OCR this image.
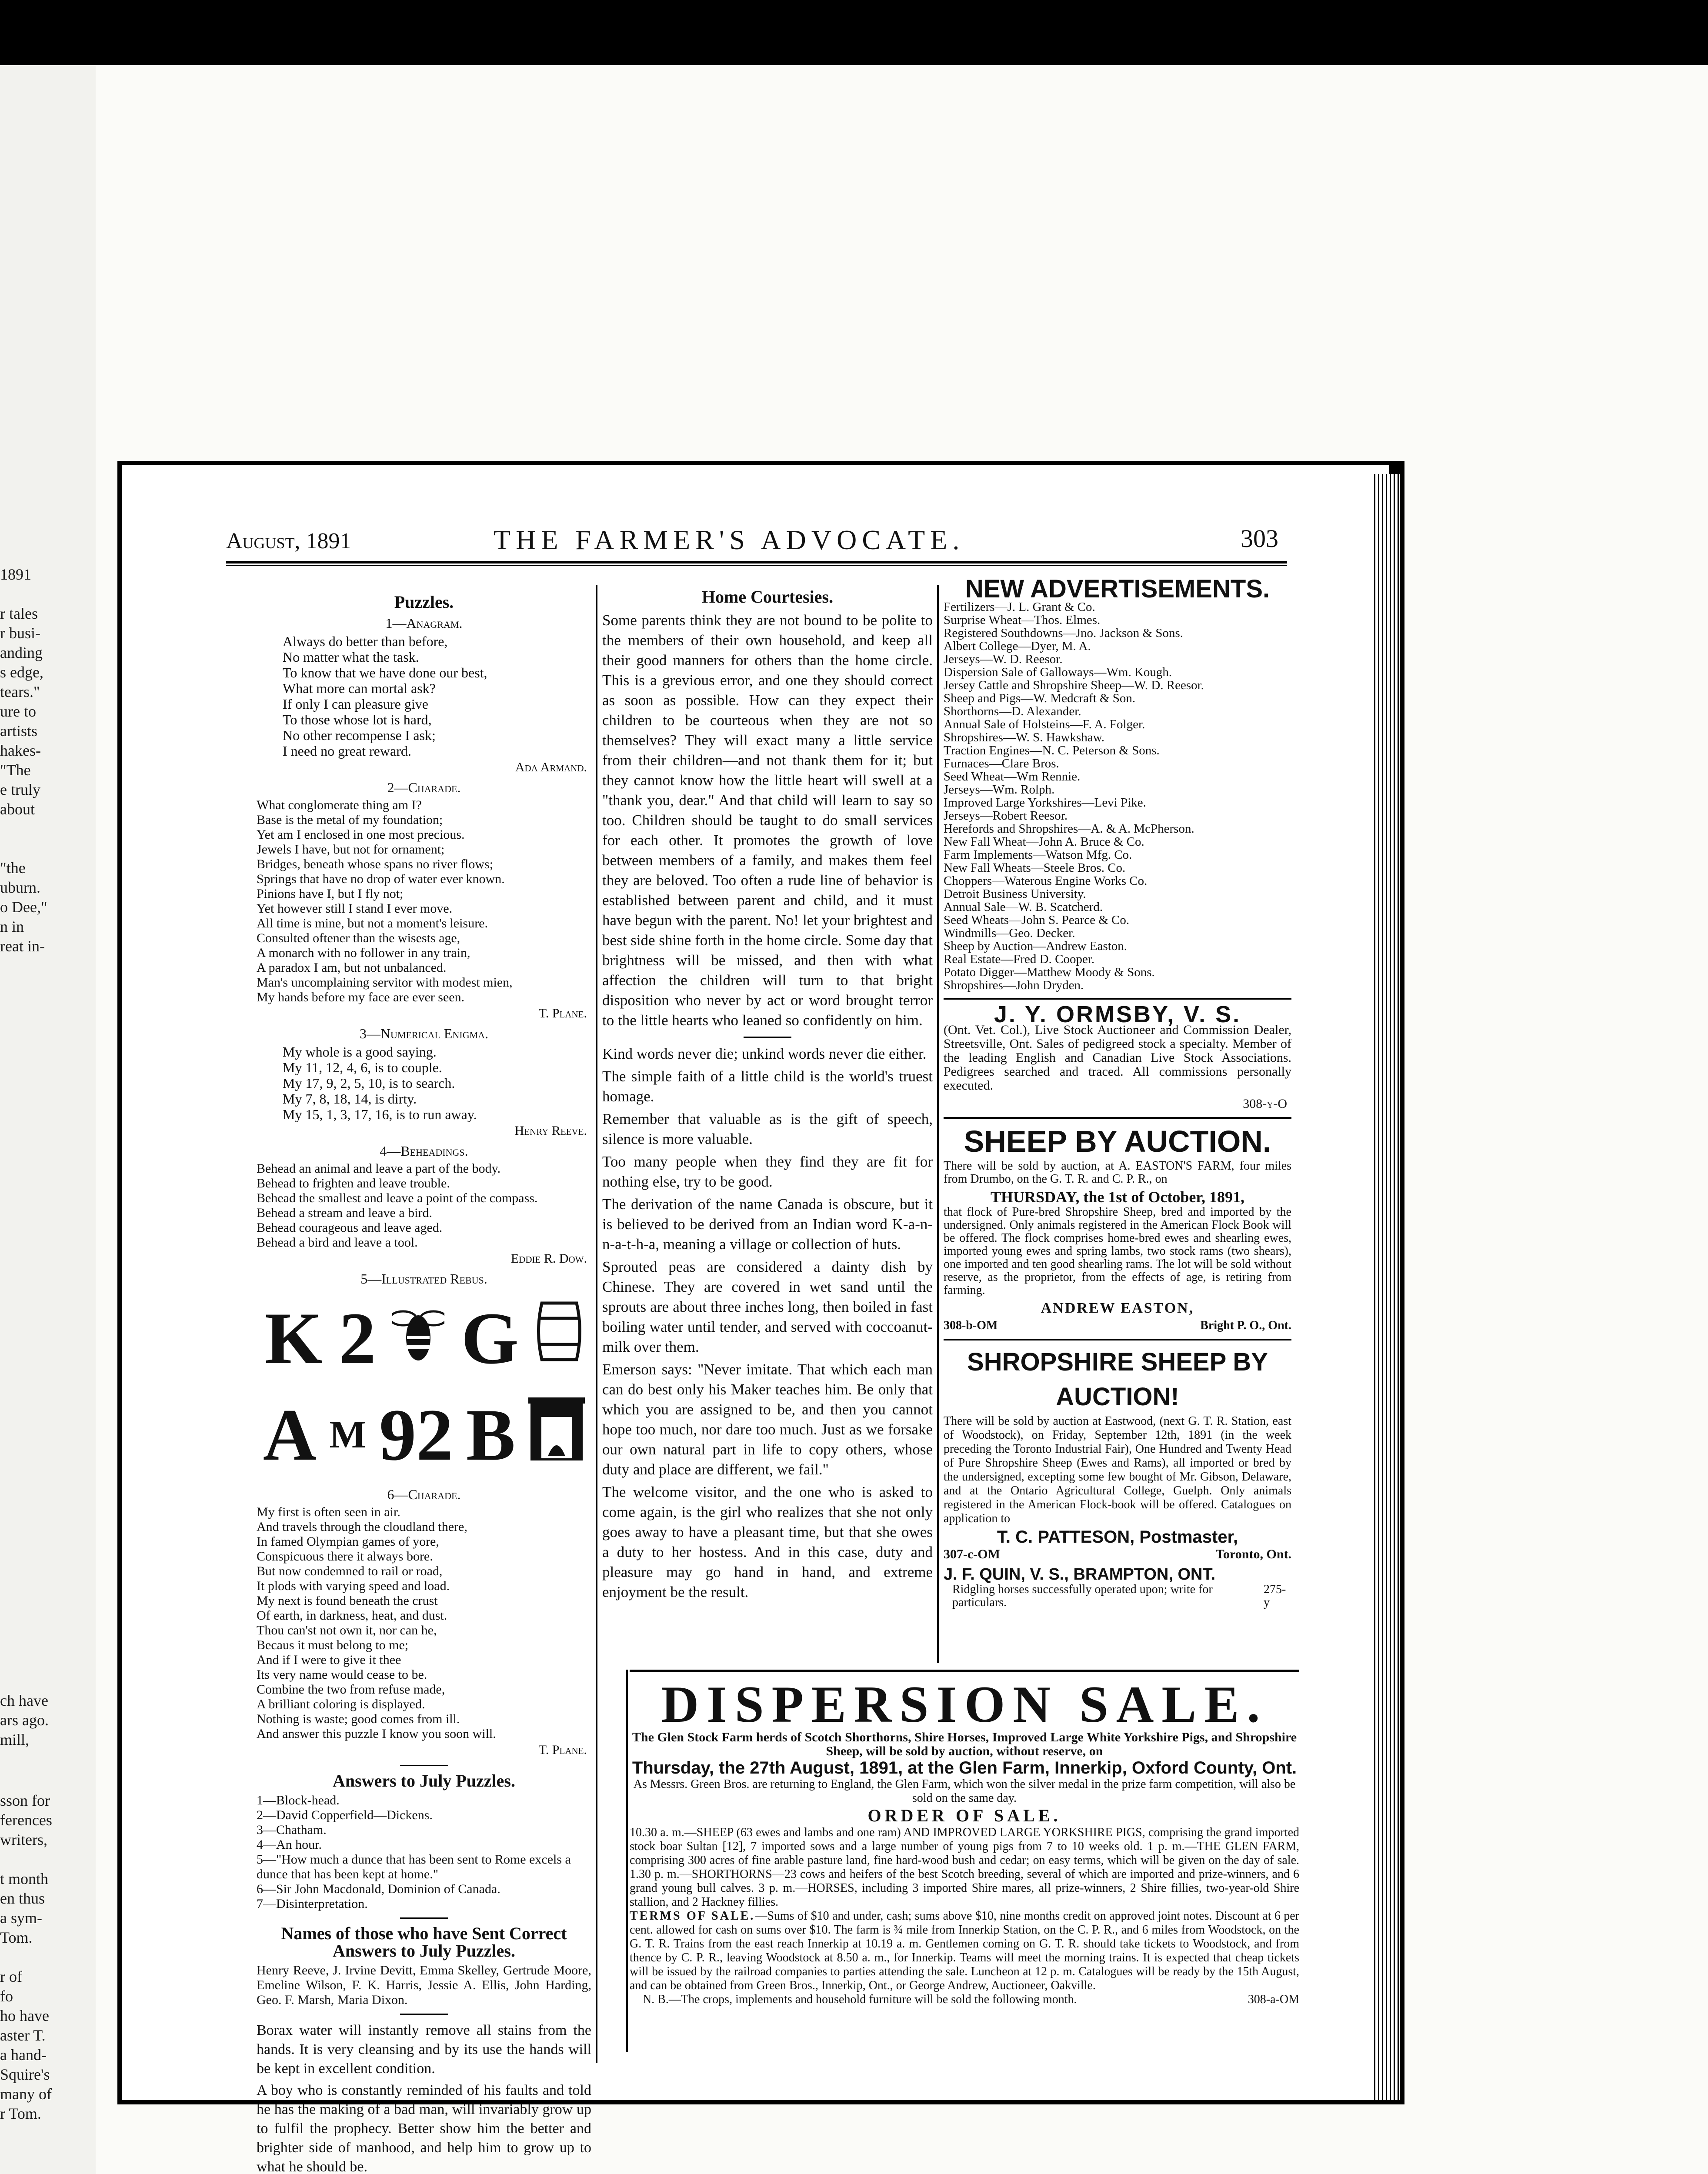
1891
r tales
r busi-
anding
s edge,
tears."
ure to
artists
hakes-
"The
e truly
about
"the
uburn.
o Dee,"
n in
reat in-
ch have
ars ago.
mill,
sson for
ferences
writers,
t month
en thus
a sym-
Tom.
r of
fo
ho have
aster T.
a hand-
Squire's
many of
r Tom.
August, 1891	THE FARMER'S ADVOCATE.	303
Puzzles.
1—Anagram.
Always do better than before,
No matter what the task.
To know that we have done our best,
What more can mortal ask?
If only I can pleasure give
To those whose lot is hard,
No other recompense I ask;
I need no great reward.
Ada Armand.
2—Charade.
What conglomerate thing am I?
Base is the metal of my foundation;
Yet am I enclosed in one most precious.
Jewels I have, but not for ornament;
Bridges, beneath whose spans no river flows;
Springs that have no drop of water ever known.
Pinions have I, but I fly not;
Yet however still I stand I ever move.
All time is mine, but not a moment's leisure.
Consulted oftener than the wisests age,
A monarch with no follower in any train,
A paradox I am, but not unbalanced.
Man's uncomplaining servitor with modest mien,
My hands before my face are ever seen.
T. Plane.
3—Numerical Enigma.
My whole is a good saying.
My 11, 12, 4, 6, is to couple.
My 17, 9, 2, 5, 10, is to search.
My 7, 8, 18, 14, is dirty.
My 15, 1, 3, 17, 16, is to run away.
Henry Reeve.
4—Beheadings.
Behead an animal and leave a part of the body.
Behead to frighten and leave trouble.
Behead the smallest and leave a point of the compass.
Behead a stream and leave a bird.
Behead courageous and leave aged.
Behead a bird and leave a tool.
Eddie R. Dow.
5—Illustrated Rebus.
K 2 G
A M 92 B
6—Charade.
My first is often seen in air.
And travels through the cloudland there,
In famed Olympian games of yore,
Conspicuous there it always bore.
But now condemned to rail or road,
It plods with varying speed and load.
My next is found beneath the crust
Of earth, in darkness, heat, and dust.
Thou can'st not own it, nor can he,
Becaus it must belong to me;
And if I were to give it thee
Its very name would cease to be.
Combine the two from refuse made,
A brilliant coloring is displayed.
Nothing is waste; good comes from ill.
And answer this puzzle I know you soon will.
T. Plane.
Answers to July Puzzles.
1—Block-head.
2—David Copperfield—Dickens.
3—Chatham.
4—An hour.
5—"How much a dunce that has been sent to Rome excels a dunce that has been kept at home."
6—Sir John Macdonald, Dominion of Canada.
7—Disinterpretation.
Names of those who have Sent Correct Answers to July Puzzles.

Henry Reeve, J. Irvine Devitt, Emma Skelley, Gertrude Moore, Emeline Wilson, F. K. Harris, Jessie A. Ellis, John Harding, Geo. F. Marsh, Maria Dixon.

Borax water will instantly remove all stains from the hands. It is very cleansing and by its use the hands will be kept in excellent condition.

A boy who is constantly reminded of his faults and told he has the making of a bad man, will invariably grow up to fulfil the prophecy. Better show him the better and brighter side of manhood, and help him to grow up to what he should be.

Home Courtesies.

Some parents think they are not bound to be polite to the members of their own household, and keep all their good manners for others than the home circle. This is a grevious error, and one they should correct as soon as possible. How can they expect their children to be courteous when they are not so themselves? They will exact many a little service from their children—and not thank them for it; but they cannot know how the little heart will swell at a "thank you, dear." And that child will learn to say so too. Children should be taught to do small services for each other. It promotes the growth of love between members of a family, and makes them feel they are beloved. Too often a rude line of behavior is established between parent and child, and it must have begun with the parent. No! let your brightest and best side shine forth in the home circle. Some day that brightness will be missed, and then with what affection the children will turn to that bright disposition who never by act or word brought terror to the little hearts who leaned so confidently on him.

Kind words never die; unkind words never die either.

The simple faith of a little child is the world's truest homage.

Remember that valuable as is the gift of speech, silence is more valuable.

Too many people when they find they are fit for nothing else, try to be good.

The derivation of the name Canada is obscure, but it is believed to be derived from an Indian word K-a-n-n-a-t-h-a, meaning a village or collection of huts.

Sprouted peas are considered a dainty dish by Chinese. They are covered in wet sand until the sprouts are about three inches long, then boiled in fast boiling water until tender, and served with coccoanut-milk over them.

Emerson says: "Never imitate. That which each man can do best only his Maker teaches him. Be only that which you are assigned to be, and then you cannot hope too much, nor dare too much. Just as we forsake our own natural part in life to copy others, whose duty and place are different, we fail."

The welcome visitor, and the one who is asked to come again, is the girl who realizes that she not only goes away to have a pleasant time, but that she owes a duty to her hostess. And in this case, duty and pleasure may go hand in hand, and extreme enjoyment be the result.

NEW ADVERTISEMENTS.
Fertilizers—J. L. Grant & Co.
Surprise Wheat—Thos. Elmes.
Registered Southdowns—Jno. Jackson & Sons.
Albert College—Dyer, M. A.
Jerseys—W. D. Reesor.
Dispersion Sale of Galloways—Wm. Kough.
Jersey Cattle and Shropshire Sheep—W. D. Reesor.
Sheep and Pigs—W. Medcraft & Son.
Shorthorns—D. Alexander.
Annual Sale of Holsteins—F. A. Folger.
Shropshires—W. S. Hawkshaw.
Traction Engines—N. C. Peterson & Sons.
Furnaces—Clare Bros.
Seed Wheat—Wm Rennie.
Jerseys—Wm. Rolph.
Improved Large Yorkshires—Levi Pike.
Jerseys—Robert Reesor.
Herefords and Shropshires—A. & A. McPherson.
New Fall Wheat—John A. Bruce & Co.
Farm Implements—Watson Mfg. Co.
New Fall Wheats—Steele Bros. Co.
Choppers—Waterous Engine Works Co.
Detroit Business University.
Annual Sale—W. B. Scatcherd.
Seed Wheats—John S. Pearce & Co.
Windmills—Geo. Decker.
Sheep by Auction—Andrew Easton.
Real Estate—Fred D. Cooper.
Potato Digger—Matthew Moody & Sons.
Shropshires—John Dryden.
J. Y. ORMSBY, V. S.

(Ont. Vet. Col.), Live Stock Auctioneer and Commission Dealer, Streetsville, Ont. Sales of pedigreed stock a specialty. Member of the leading English and Canadian Live Stock Associations. Pedigrees searched and traced. All commissions personally executed.

308-y-O
SHEEP BY AUCTION.

There will be sold by auction, at A. EASTON'S FARM, four miles from Drumbo, on the G. T. R. and C. P. R., on

THURSDAY, the 1st of October, 1891,

that flock of Pure-bred Shropshire Sheep, bred and imported by the undersigned. Only animals registered in the American Flock Book will be offered. The flock comprises home-bred ewes and shearling ewes, imported young ewes and spring lambs, two stock rams (two shears), one imported and ten good shearling rams. The lot will be sold without reserve, as the proprietor, from the effects of age, is retiring from farming.

ANDREW EASTON,
308-b-OM	Bright P. O., Ont.
SHROPSHIRE SHEEP BY AUCTION!

There will be sold by auction at Eastwood, (next G. T. R. Station, east of Woodstock), on Friday, September 12th, 1891 (in the week preceding the Toronto Industrial Fair), One Hundred and Twenty Head of Pure Shropshire Sheep (Ewes and Rams), all imported or bred by the undersigned, excepting some few bought of Mr. Gibson, Delaware, and at the Ontario Agricultural College, Guelph. Only animals registered in the American Flock-book will be offered. Catalogues on application to

T. C. PATTESON, Postmaster,
307-c-OM	Toronto, Ont.
J. F. QUIN, V. S., BRAMPTON, ONT.
Ridgling horses successfully operated upon; write for particulars.
275-y
DISPERSION SALE.

The Glen Stock Farm herds of Scotch Shorthorns, Shire Horses, Improved Large White Yorkshire Pigs, and Shropshire Sheep, will be sold by auction, without reserve, on

Thursday, the 27th August, 1891, at the Glen Farm, Innerkip, Oxford County, Ont.

As Messrs. Green Bros. are returning to England, the Glen Farm, which won the silver medal in the prize farm competition, will also be sold on the same day.

ORDER OF SALE.

10.30 a. m.—SHEEP (63 ewes and lambs and one ram) AND IMPROVED LARGE YORKSHIRE PIGS, comprising the grand imported stock boar Sultan [12], 7 imported sows and a large number of young pigs from 7 to 10 weeks old. 1 p. m.—THE GLEN FARM, comprising 300 acres of fine arable pasture land, fine hard-wood bush and cedar; on easy terms, which will be given on the day of sale. 1.30 p. m.—SHORTHORNS—23 cows and heifers of the best Scotch breeding, several of which are imported and prize-winners, and 6 grand young bull calves. 3 p. m.—HORSES, including 3 imported Shire mares, all prize-winners, 2 Shire fillies, two-year-old Shire stallion, and 2 Hackney fillies.

TERMS OF SALE.—Sums of $10 and under, cash; sums above $10, nine months credit on approved joint notes. Discount at 6 per cent. allowed for cash on sums over $10. The farm is ¾ mile from Innerkip Station, on the C. P. R., and 6 miles from Woodstock, on the G. T. R. Trains from the east reach Innerkip at 10.19 a. m. Gentlemen coming on G. T. R. should take tickets to Woodstock, and from thence by C. P. R., leaving Woodstock at 8.50 a. m., for Innerkip. Teams will meet the morning trains. It is expected that cheap tickets will be issued by the railroad companies to parties attending the sale. Luncheon at 12 p. m. Catalogues will be ready by the 15th August, and can be obtained from Green Bros., Innerkip, Ont., or George Andrew, Auctioneer, Oakville.

N. B.—The crops, implements and household furniture will be sold the following month.	308-a-OM
